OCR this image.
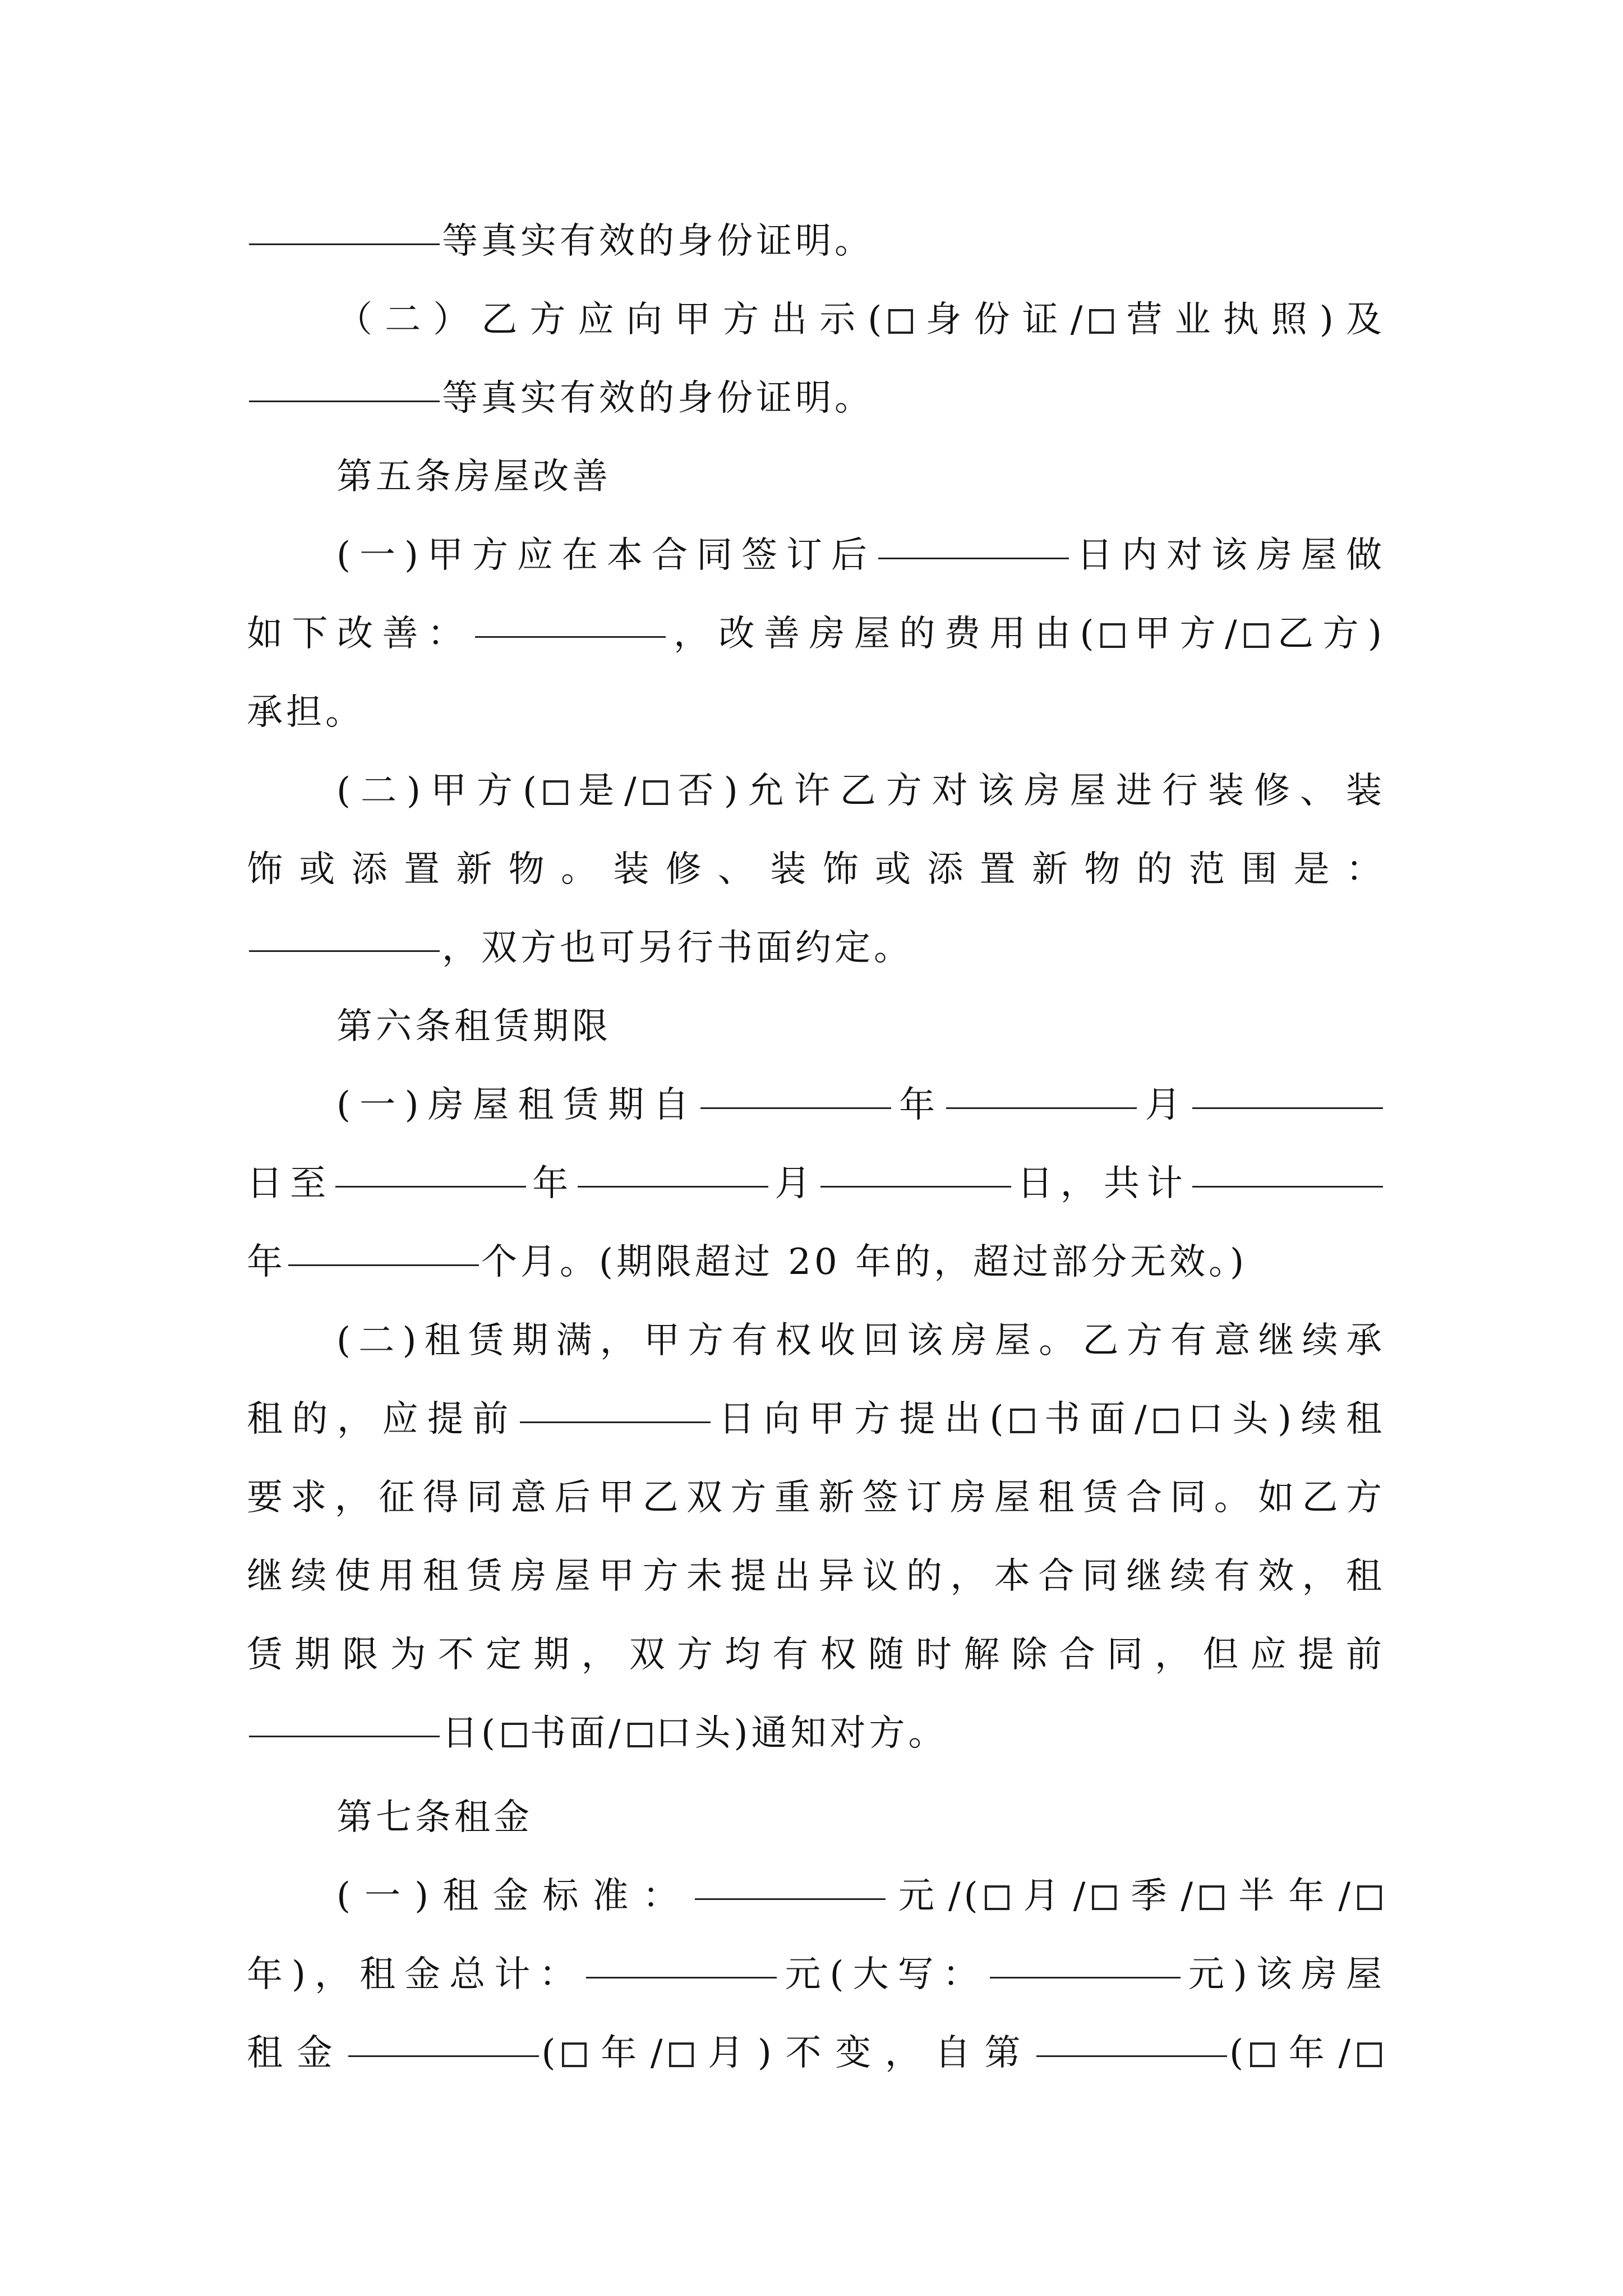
等真实有效的身份证明。
（二）乙方应向甲方出示( 身份证/ 营业执照)及
等真实有效的身份证明。
第五条房屋改善
(一)甲方应在本合同签订后	日内对该房屋做
如下改善：	，改善房屋的费用由( 甲方/ 乙方)
承担。
(二)甲方( 是/ 否)允许乙方对该房屋进行装修、装
饰或添置新物。装修、装饰或添置新物的范围是：
，双方也可另行书面约定。
第六条租赁期限
(一)房屋租赁期自	年	月
日至	年	月	日，共计
年	个月。(期限超过 20 年的，超过部分无效。)
(二)租赁期满，甲方有权收回该房屋。乙方有意继续承
租的，应提前	日向甲方提出( 书面/ 口头)续租
要求，征得同意后甲乙双方重新签订房屋租赁合同。如乙方
继续使用租赁房屋甲方未提出异议的，本合同继续有效，租
赁期限为不定期，双方均有权随时解除合同，但应提前
日( 书面/ 口头)通知对方。
第七条租金
(一)租金标准：	元/( 月/ 季/ 半年/
年)，租金总计：	元(大写：	元)该房屋
租金	( 年/ 月)不变，自第	( 年/
